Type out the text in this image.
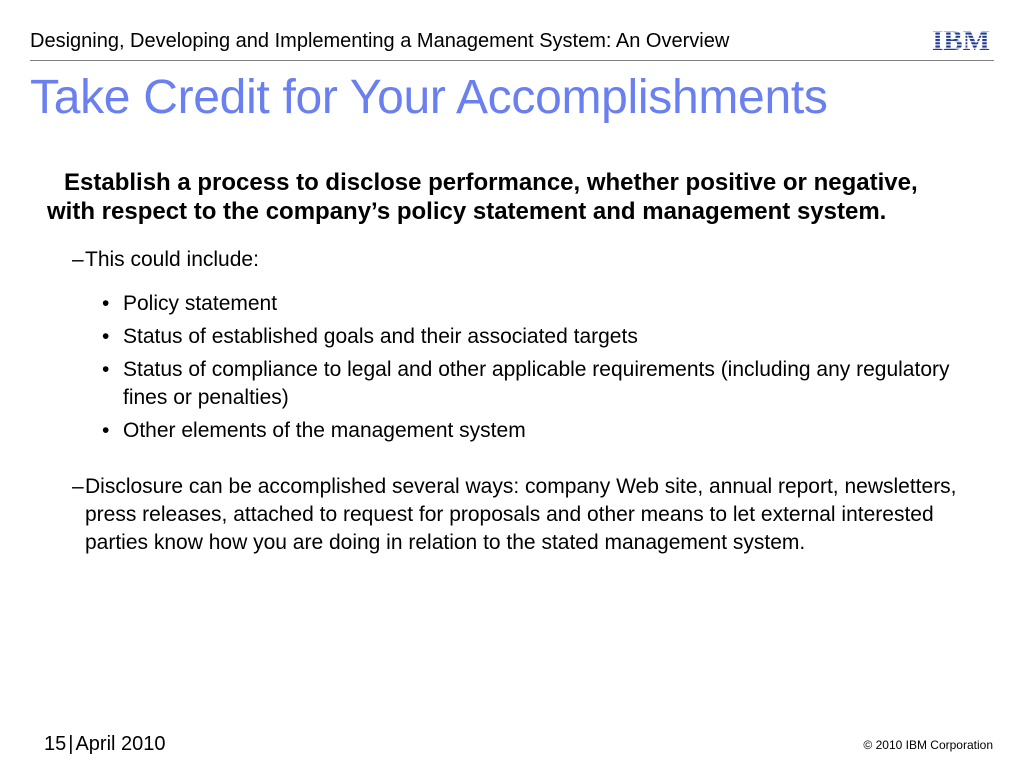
Designing, Developing and Implementing a Management System: An Overview	IBM
Take Credit for Your Accomplishments

Establish a process to disclose performance, whether positive or negative, with respect to the company’s policy statement and management system.

– This could include:
• Policy statement
• Status of established goals and their associated targets
• Status of compliance to legal and other applicable requirements (including any regulatory fines or penalties)
• Other elements of the management system
– Disclosure can be accomplished several ways: company Web site, annual report, newsletters, press releases, attached to request for proposals and other means to let external interested parties know how you are doing in relation to the stated management system.
15 | April 2010	© 2010 IBM Corporation
